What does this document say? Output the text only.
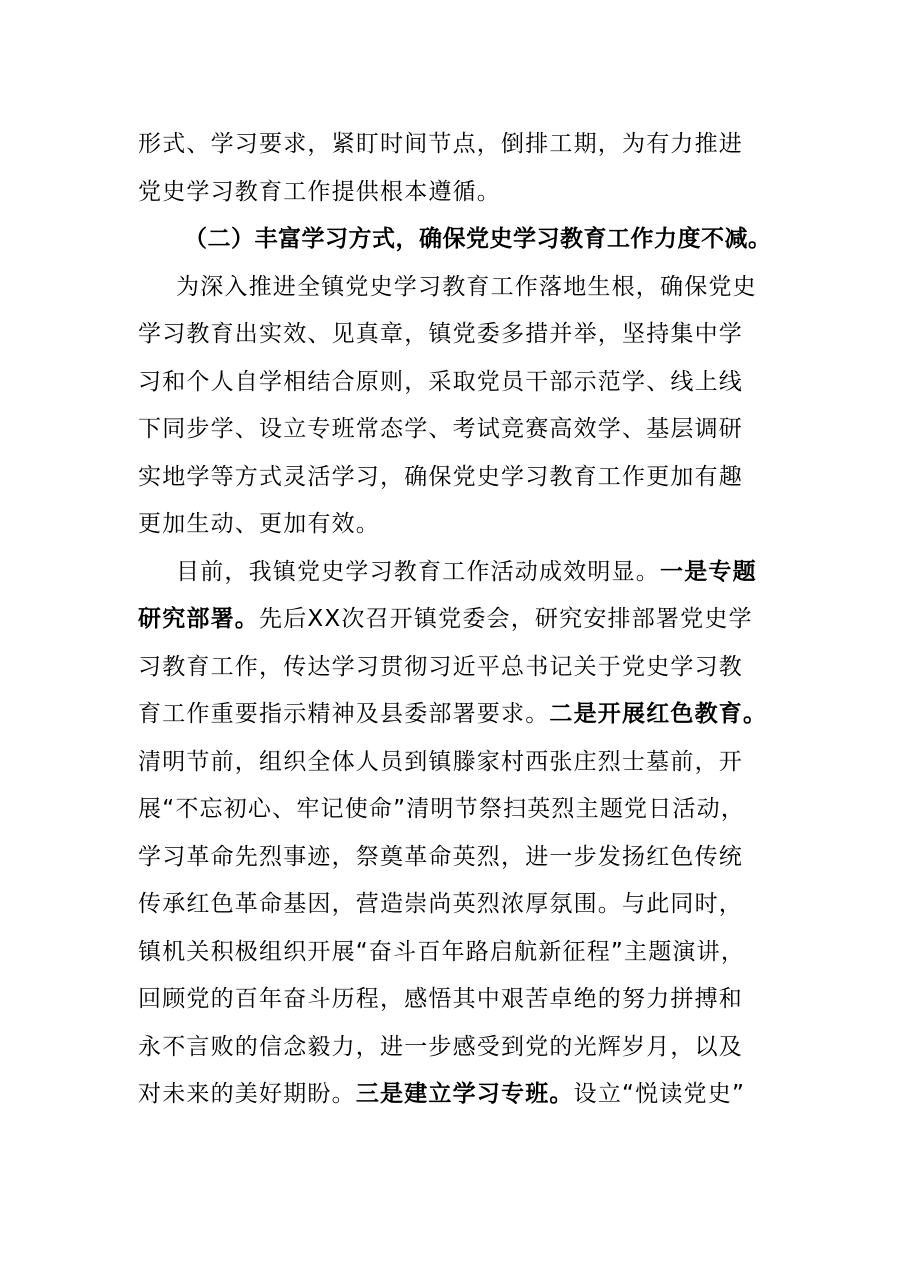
形式、学习要求，紧盯时间节点，倒排工期，为有力推进
党史学习教育工作提供根本遵循。
（二）丰富学习方式，确保党史学习教育工作力度不减。
为深入推进全镇党史学习教育工作落地生根，确保党史
学习教育出实效、见真章，镇党委多措并举，坚持集中学
习和个人自学相结合原则，采取党员干部示范学、线上线
下同步学、设立专班常态学、考试竞赛高效学、基层调研
实地学等方式灵活学习，确保党史学习教育工作更加有趣
更加生动、更加有效。
目前，我镇党史学习教育工作活动成效明显。一是专题
研究部署。先后XX次召开镇党委会，研究安排部署党史学
习教育工作，传达学习贯彻习近平总书记关于党史学习教
育工作重要指示精神及县委部署要求。二是开展红色教育。
清明节前，组织全体人员到镇滕家村西张庄烈士墓前，开
展“不忘初心、牢记使命”清明节祭扫英烈主题党日活动，
学习革命先烈事迹，祭奠革命英烈，进一步发扬红色传统
传承红色革命基因，营造崇尚英烈浓厚氛围。与此同时，
镇机关积极组织开展“奋斗百年路启航新征程”主题演讲，
回顾党的百年奋斗历程，感悟其中艰苦卓绝的努力拼搏和
永不言败的信念毅力，进一步感受到党的光辉岁月，以及
对未来的美好期盼。三是建立学习专班。设立“悦读党史”
